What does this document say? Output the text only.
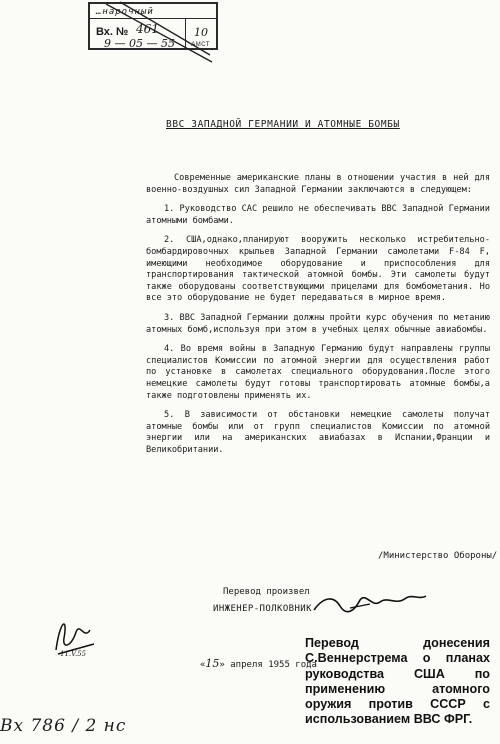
…нарочный
Вх. № 461
9 — 05 — 55
10
АМСТ
ВВС ЗАПАДНОЙ ГЕРМАНИИ И АТОМНЫЕ БОМБЫ

Современные американские планы в отношении участия в ней для военно-воздушных сил Западной Германии заключаются в следующем:

1. Руководство САС решило не обеспечивать ВВС Западной Германии атомными бомбами.

2. США,однако,планируют вооружить несколько истребительно-бомбардировочных крыльев Западной Германии самолетами F-84 F, имеющими необходимое оборудование и приспособления для транспортирования тактической атомной бомбы. Эти самолеты будут также оборудованы соответствующими прицелами для бомбометания. Но все это оборудование не будет передаваться в мирное время.

3. ВВС Западной Германии должны пройти курс обучения по метанию атомных бомб,используя при этом в учебных целях обычные авиабомбы.

4. Во время войны в Западную Германию будут направлены группы специалистов Комиссии по атомной энергии для осуществления работ по установке в самолетах специального оборудования.После этого немецкие самолеты будут готовы транспортировать атомные бомбы,а также подготовлены применять их.

5. В зависимости от обстановки немецкие самолеты получат атомные бомбы или от групп специалистов Комиссии по атомной энергии или на американских авиабазах в Испании,Франции и Великобритании.

/Министерство Обороны/
Перевод произвел
ИНЖЕНЕР-ПОЛКОВНИК
«15» апреля 1955 года
11.V.55
Вх 786 / 2 нс
Перевод донесения С.Веннерстрема о планах руководства США по применению атомного оружия против СССР с использованием ВВС ФРГ.
